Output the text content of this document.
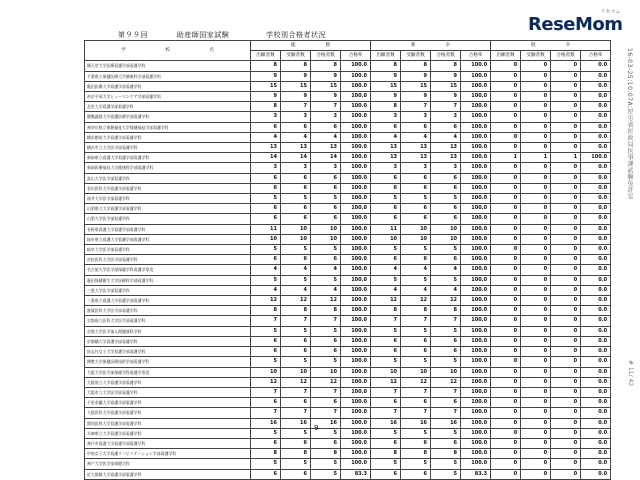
第９９回	助産師国家試験	学校別合格者状況
リセマム
ReseMom
16-03-25;10:07A;厚労省医政局医事課試験免許室
# 11/ 42
学 校 名	総 数				新 卒				既 卒			
	出願者数	受験者数	合格者数	合格率	出願者数	受験者数	合格者数	合格率	出願者数	受験者数	合格者数	合格率
順天堂大学医療看護学部看護学科	8	8	8	100.0	8	8	8	100.0	0	0	0	0.0
千葉県立保健医療大学健康科学部看護学科	9	9	9	100.0	9	9	9	100.0	0	0	0	0.0
亀田医療大学看護学部看護学科	15	15	15	100.0	15	15	15	100.0	0	0	0	0.0
帝京平成大学ヒューマンケア学部看護学科	9	9	9	100.0	9	9	9	100.0	0	0	0	0.0
北里大学看護学部看護学科	8	7	7	100.0	8	7	7	100.0	0	0	0	0.0
慶應義塾大学看護医療学部看護学科	3	3	3	100.0	3	3	3	100.0	0	0	0	0.0
神奈川県立保健福祉大学保健福祉学部看護学科	6	6	6	100.0	6	6	6	100.0	0	0	0	0.0
横浜創英大学看護学部看護学科	4	4	4	100.0	4	4	4	100.0	0	0	0	0.0
横浜市立大学医学部看護学科	13	13	13	100.0	13	13	13	100.0	0	0	0	0.0
新潟県立看護大学看護学部看護学科	14	14	14	100.0	13	13	13	100.0	1	1	1	100.0
新潟医療福祉大学健康科学部看護学科	3	3	3	100.0	3	3	3	100.0	0	0	0	0.0
富山大学医学部看護学科	6	6	6	100.0	6	6	6	100.0	0	0	0	0.0
金沢医科大学看護学部看護学科	6	6	6	100.0	6	6	6	100.0	0	0	0	0.0
福井大学医学部看護学科	5	5	5	100.0	5	5	5	100.0	0	0	0	0.0
山梨県立大学看護学部看護学科	6	6	6	100.0	6	6	6	100.0	0	0	0	0.0
山梨大学医学部看護学科	6	6	6	100.0	6	6	6	100.0	0	0	0	0.0
長野県看護大学看護学部看護学科	11	10	10	100.0	11	10	10	100.0	0	0	0	0.0
岐阜県立看護大学看護学部看護学科	10	10	10	100.0	10	10	10	100.0	0	0	0	0.0
岐阜大学医学部看護学科	5	5	5	100.0	5	5	5	100.0	0	0	0	0.0
浜松医科大学医学部看護学科	6	6	6	100.0	6	6	6	100.0	0	0	0	0.0
名古屋大学医学部保健学科看護学専攻	4	4	4	100.0	4	4	4	100.0	0	0	0	0.0
藤田保健衛生大学医療科学部看護学科	5	5	5	100.0	5	5	5	100.0	0	0	0	0.0
三重大学医学部看護学科	4	4	4	100.0	4	4	4	100.0	0	0	0	0.0
三重県立看護大学看護学部看護学科	12	12	12	100.0	12	12	12	100.0	0	0	0	0.0
滋賀医科大学医学部看護学科	8	8	8	100.0	8	8	8	100.0	0	0	0	0.0
京都府立医科大学医学部看護学科	7	7	7	100.0	7	7	7	100.0	0	0	0	0.0
京都大学医学部人間健康科学科	5	5	5	100.0	5	5	5	100.0	0	0	0	0.0
京都橘大学看護学部看護学科	6	6	6	100.0	6	6	6	100.0	0	0	0	0.0
同志社女子大学看護学部看護学科	6	6	6	100.0	6	6	6	100.0	0	0	0	0.0
佛教大学保健医療技術学部看護学科	5	5	5	100.0	5	5	5	100.0	0	0	0	0.0
大阪大学医学部保健学科看護学専攻	10	10	10	100.0	10	10	10	100.0	0	0	0	0.0
大阪府立大学看護学部看護学科	12	12	12	100.0	12	12	12	100.0	0	0	0	0.0
大阪市立大学医学部看護学科	7	7	7	100.0	7	7	7	100.0	0	0	0	0.0
千里金蘭大学看護学部看護学科	6	6	6	100.0	6	6	6	100.0	0	0	0	0.0
大阪医科大学看護学部看護学科	7	7	7	100.0	7	7	7	100.0	0	0	0	0.0
関西医科大学看護学部看護学科	16	16	16	100.0	16	16	16	100.0	0	0	0	0.0
兵庫県立大学看護学部看護学科	5	5	5	100.0	5	5	5	100.0	0	0	0	0.0
神戸市看護大学看護学部看護学科	6	6	6	100.0	6	6	6	100.0	0	0	0	0.0
甲南女子大学看護リハビリテーション学部看護学科	8	8	8	100.0	8	8	8	100.0	0	0	0	0.0
神戸大学医学部保健学科	5	5	5	100.0	5	5	5	100.0	0	0	0	0.0
近大姫路大学看護学部看護学科	6	6	5	83.3	6	6	5	83.3	0	0	0	0.0
9
